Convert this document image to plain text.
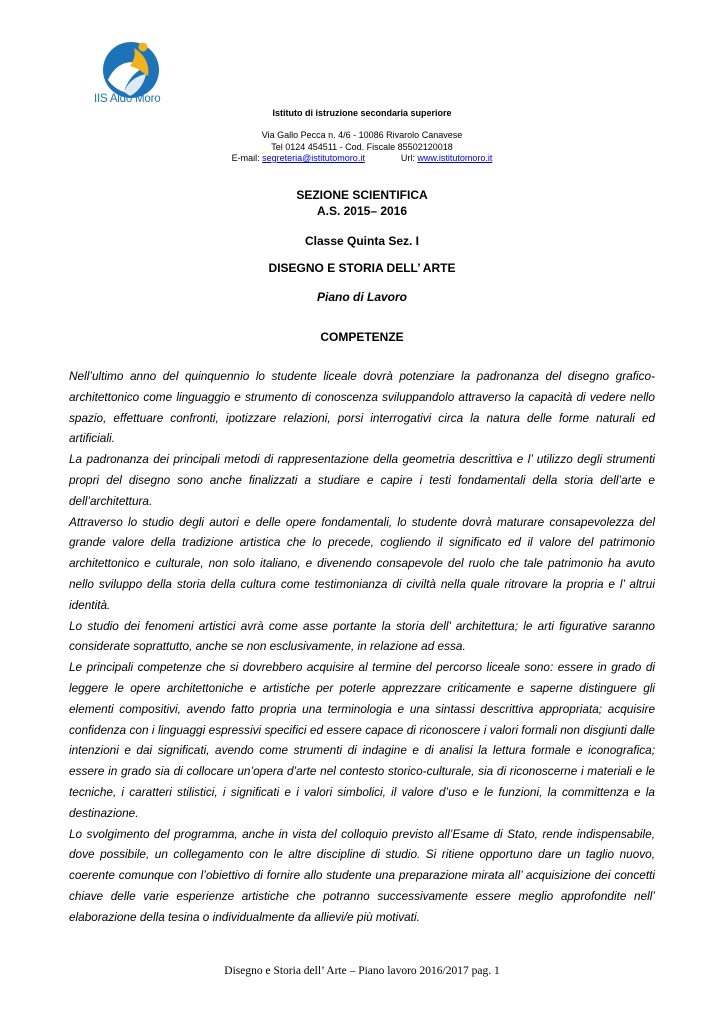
IIS Aldo Moro
Istituto di istruzione secondaria superiore
Via Gallo Pecca n. 4/6 - 10086 Rivarolo Canavese
Tel 0124 454511 - Cod. Fiscale 85502120018
E-mail: segreteria@istitutomoro.it	Url: www.istitutomoro.it
SEZIONE SCIENTIFICA
A.S. 2015– 2016
Classe Quinta Sez. I
DISEGNO E STORIA DELL’ ARTE
Piano di Lavoro
COMPETENZE

Nell’ultimo anno del quinquennio lo studente liceale dovrà potenziare la padronanza del disegno grafico- architettonico come linguaggio e strumento di conoscenza sviluppandolo attraverso la capacità di vedere nello spazio, effettuare confronti, ipotizzare relazioni, porsi interrogativi circa la natura delle forme naturali ed artificiali.

La padronanza dei principali metodi di rappresentazione della geometria descrittiva e l’ utilizzo degli strumenti propri del disegno sono anche finalizzati a studiare e capire i testi fondamentali della storia dell’arte e dell’architettura.

Attraverso lo studio degli autori e delle opere fondamentali, lo studente dovrà maturare consapevolezza del grande valore della tradizione artistica che lo precede, cogliendo il significato ed il valore del patrimonio architettonico e culturale, non solo italiano, e divenendo consapevole del ruolo che tale patrimonio ha avuto nello sviluppo della storia della cultura come testimonianza di civiltà nella quale ritrovare la propria e l’ altrui identità.

Lo studio dei fenomeni artistici avrà come asse portante la storia dell’ architettura; le arti figurative saranno considerate soprattutto, anche se non esclusivamente, in relazione ad essa.

Le principali competenze che si dovrebbero acquisire al termine del percorso liceale sono: essere in grado di leggere le opere architettoniche e artistiche per poterle apprezzare criticamente e saperne distinguere gli elementi compositivi, avendo fatto propria una terminologia e una sintassi descrittiva appropriata; acquisire confidenza con i linguaggi espressivi specifici ed essere capace di riconoscere i valori formali non disgiunti dalle intenzioni e dai significati, avendo come strumenti di indagine e di analisi la lettura formale e iconografica; essere in grado sia di collocare un’opera d’arte nel contesto storico-culturale, sia di riconoscerne i materiali e le tecniche, i caratteri stilistici, i significati e i valori simbolici, il valore d’uso e le funzioni, la committenza e la destinazione.

Lo svolgimento del programma, anche in vista del colloquio previsto all’Esame di Stato, rende indispensabile, dove possibile, un collegamento con le altre discipline di studio. Si ritiene opportuno dare un taglio nuovo, coerente comunque con l’obiettivo di fornire allo studente una preparazione mirata all’ acquisizione dei concetti chiave delle varie esperienze artistiche che potranno successivamente essere meglio approfondite nell’ elaborazione della tesina o individualmente da allievi/e più motivati.

Disegno e Storia dell’ Arte – Piano lavoro 2016/2017 pag. 1
